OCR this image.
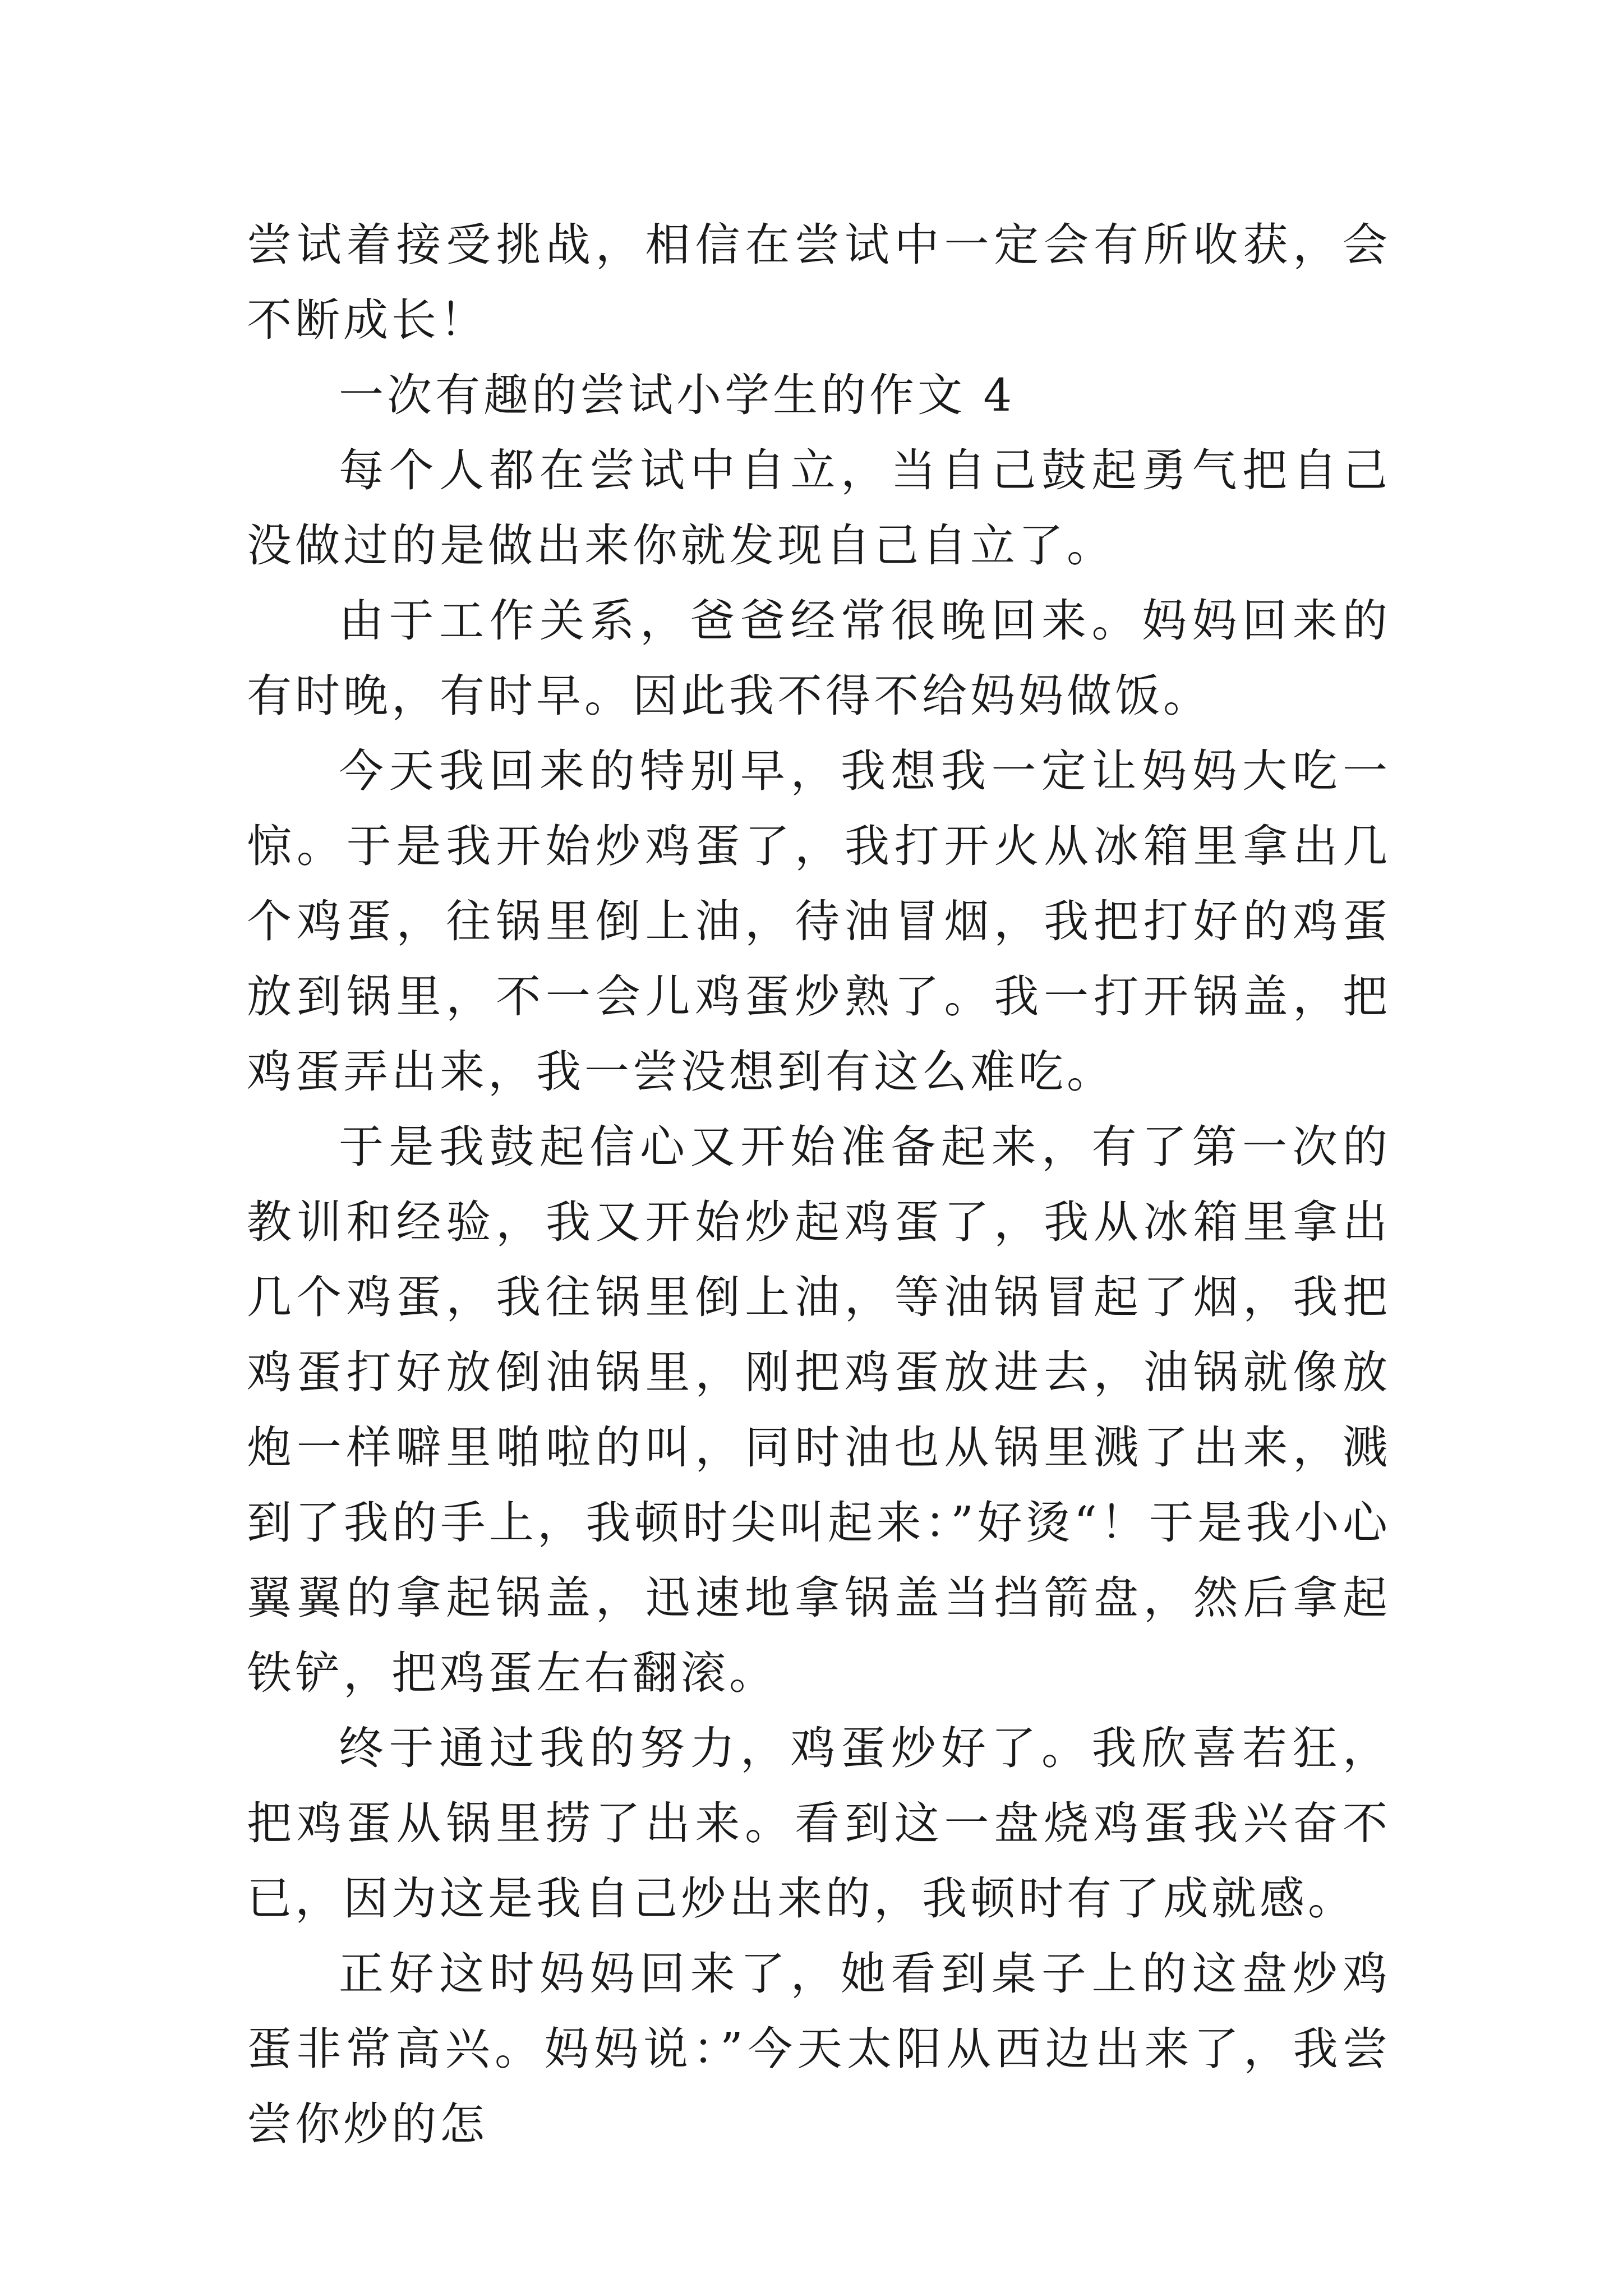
尝试着接受挑战，相信在尝试中一定会有所收获，会不断成长！

一次有趣的尝试小学生的作文 4

每个人都在尝试中自立，当自己鼓起勇气把自己没做过的是做出来你就发现自己自立了。

由于工作关系，爸爸经常很晚回来。妈妈回来的有时晚，有时早。因此我不得不给妈妈做饭。

今天我回来的特别早，我想我一定让妈妈大吃一惊。于是我开始炒鸡蛋了，我打开火从冰箱里拿出几个鸡蛋，往锅里倒上油，待油冒烟，我把打好的鸡蛋放到锅里，不一会儿鸡蛋炒熟了。我一打开锅盖，把鸡蛋弄出来，我一尝没想到有这么难吃。

于是我鼓起信心又开始准备起来，有了第一次的教训和经验，我又开始炒起鸡蛋了，我从冰箱里拿出几个鸡蛋，我往锅里倒上油，等油锅冒起了烟，我把鸡蛋打好放倒油锅里，刚把鸡蛋放进去，油锅就像放炮一样噼里啪啦的叫，同时油也从锅里溅了出来，溅到了我的手上，我顿时尖叫起来：”好烫“！于是我小心翼翼的拿起锅盖，迅速地拿锅盖当挡箭盘，然后拿起铁铲，把鸡蛋左右翻滚。

终于通过我的努力，鸡蛋炒好了。我欣喜若狂，把鸡蛋从锅里捞了出来。看到这一盘烧鸡蛋我兴奋不已，因为这是我自己炒出来的，我顿时有了成就感。

正好这时妈妈回来了，她看到桌子上的这盘炒鸡蛋非常高兴。妈妈说：”今天太阳从西边出来了，我尝尝你炒的怎
